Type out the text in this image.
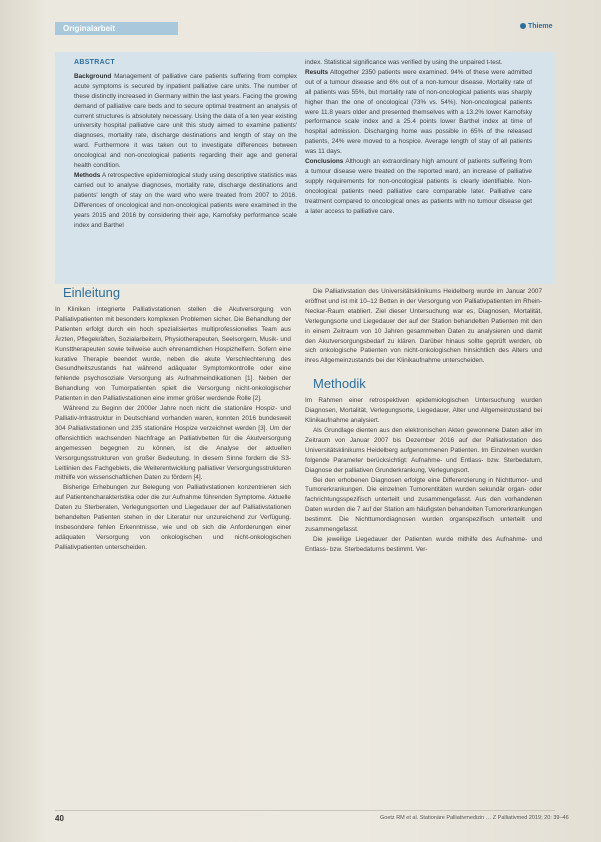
Originalarbeit	Thieme

ABSTRACT

Background Management of palliative care patients suffering from complex acute symptoms is secured by inpatient palliative care units. The number of these distinctly increased in Germany within the last years. Facing the growing demand of palliative care beds and to secure optimal treatment an analysis of current structures is absolutely necessary. Using the data of a ten year existing university hospital palliative care unit this study aimed to examine patients' diagnoses, mortality rate, discharge destinations and length of stay on the ward. Furthermore it was taken out to investigate differences between oncological and non-oncological patients regarding their age and general health condition.

Methods A retrospective epidemiological study using descriptive statistics was carried out to analyse diagnoses, mortality rate, discharge destinations and patients' length of stay on the ward who were treated from 2007 to 2016. Differences of oncological and non-oncological patients were examined in the years 2015 and 2016 by considering their age, Karnofsky performance scale index and Barthel

index. Statistical significance was verified by using the unpaired t-test.

Results Altogether 2350 patients were examined. 94% of these were admitted out of a tumour disease and 6% out of a non-tumour disease. Mortality rate of all patients was 55%, but mortality rate of non-oncological patients was sharply higher than the one of oncological (73% vs. 54%). Non-oncological patients were 11.8 years older and presented themselves with a 13.2% lower Karnofsky performance scale index and a 25.4 points lower Barthel index at time of hospital admission. Discharging home was possible in 65% of the released patients, 24% were moved to a hospice. Average length of stay of all patients was 11 days.

Conclusions Although an extraordinary high amount of patients suffering from a tumour disease were treated on the reported ward, an increase of palliative supply requirements for non-oncological patients is clearly identifiable. Non-oncological patients need palliative care comparable later. Palliative care treatment compared to oncological ones as patients with no tumour disease get a later access to palliative care.

Einleitung

In Kliniken integrierte Palliativstationen stellen die Akutversorgung von Palliativpatienten mit besonders komplexen Problemen sicher. Die Behandlung der Patienten erfolgt durch ein hoch spezialisiertes multiprofessionelles Team aus Ärzten, Pflegekräften, Sozialarbeitern, Physiotherapeuten, Seelsorgern, Musik- und Kunsttherapeuten sowie teilweise auch ehrenamtlichen Hospizhelfern. Sofern eine kurative Therapie beendet wurde, neben die akute Verschlechterung des Gesundheitszustands hat während adäquater Symptomkontrolle oder eine fehlende psychosoziale Versorgung als Aufnahmeindikationen [1]. Neben der Behandlung von Tumorpatienten spielt die Versorgung nicht-onkologischer Patienten in den Palliativstationen eine immer größer werdende Rolle [2].

Während zu Beginn der 2000er Jahre noch nicht die stationäre Hospiz- und Palliativ-Infrastruktur in Deutschland vorhanden waren, konnten 2016 bundesweit 304 Palliativstationen und 235 stationäre Hospize verzeichnet werden [3]. Um der offensichtlich wachsenden Nachfrage an Palliativbetten für die Akutversorgung angemessen begegnen zu können, ist die Analyse der aktuellen Versorgungsstrukturen von großer Bedeutung. In diesem Sinne fordern die S3-Leitlinien des Fachgebiets, die Weiterentwicklung palliativer Versorgungsstrukturen mithilfe von wissenschaftlichen Daten zu fördern [4].

Bisherige Erhebungen zur Belegung von Palliativstationen konzentrieren sich auf Patientencharakteristika oder die zur Aufnahme führenden Symptome. Aktuelle Daten zu Sterberaten, Verlegungsorten und Liegedauer der auf Palliativstationen behandelten Patienten stehen in der Literatur nur unzureichend zur Verfügung. Insbesondere fehlen Erkenntnisse, wie und ob sich die Anforderungen einer adäquaten Versorgung von onkologischen und nicht-onkologischen Palliativpatienten unterscheiden.

Die Palliativstation des Universitätsklinikums Heidelberg wurde im Januar 2007 eröffnet und ist mit 10–12 Betten in der Versorgung von Palliativpatienten im Rhein-Neckar-Raum etabliert. Ziel dieser Untersuchung war es, Diagnosen, Mortalität, Verlegungsorte und Liegedauer der auf der Station behandelten Patienten mit den in einem Zeitraum von 10 Jahren gesammelten Daten zu analysieren und damit den Akutversorgungsbedarf zu klären. Darüber hinaus sollte geprüft werden, ob sich onkologische Patienten von nicht-onkologischen hinsichtlich des Alters und ihres Allgemeinzustands bei der Klinikaufnahme unterscheiden.

Methodik

Im Rahmen einer retrospektiven epidemiologischen Untersuchung wurden Diagnosen, Mortalität, Verlegungsorte, Liegedauer, Alter und Allgemeinzustand bei Klinikaufnahme analysiert.

Als Grundlage dienten aus den elektronischen Akten gewonnene Daten aller im Zeitraum von Januar 2007 bis Dezember 2016 auf der Palliativstation des Universitätsklinikums Heidelberg aufgenommenen Patienten. Im Einzelnen wurden folgende Parameter berücksichtigt: Aufnahme- und Entlass- bzw. Sterbedatum, Diagnose der palliativen Grunderkrankung, Verlegungsort.

Bei den erhobenen Diagnosen erfolgte eine Differenzierung in Nichttumor- und Tumorerkrankungen. Die einzelnen Tumorentitäten wurden sekundär organ- oder fachrichtungsspezifisch unterteilt und zusammengefasst. Aus den vorhandenen Daten wurden die 7 auf der Station am häufigsten behandelten Tumorerkrankungen bestimmt. Die Nichttumordiagnosen wurden organspezifisch unterteilt und zusammengefasst.

Die jeweilige Liegedauer der Patienten wurde mithilfe des Aufnahme- und Entlass- bzw. Sterbedaturns bestimmt. Ver-

40	Goetz RM et al. Stationäre Palliativmedizin … Z Palliativmed 2019; 20: 39–46
